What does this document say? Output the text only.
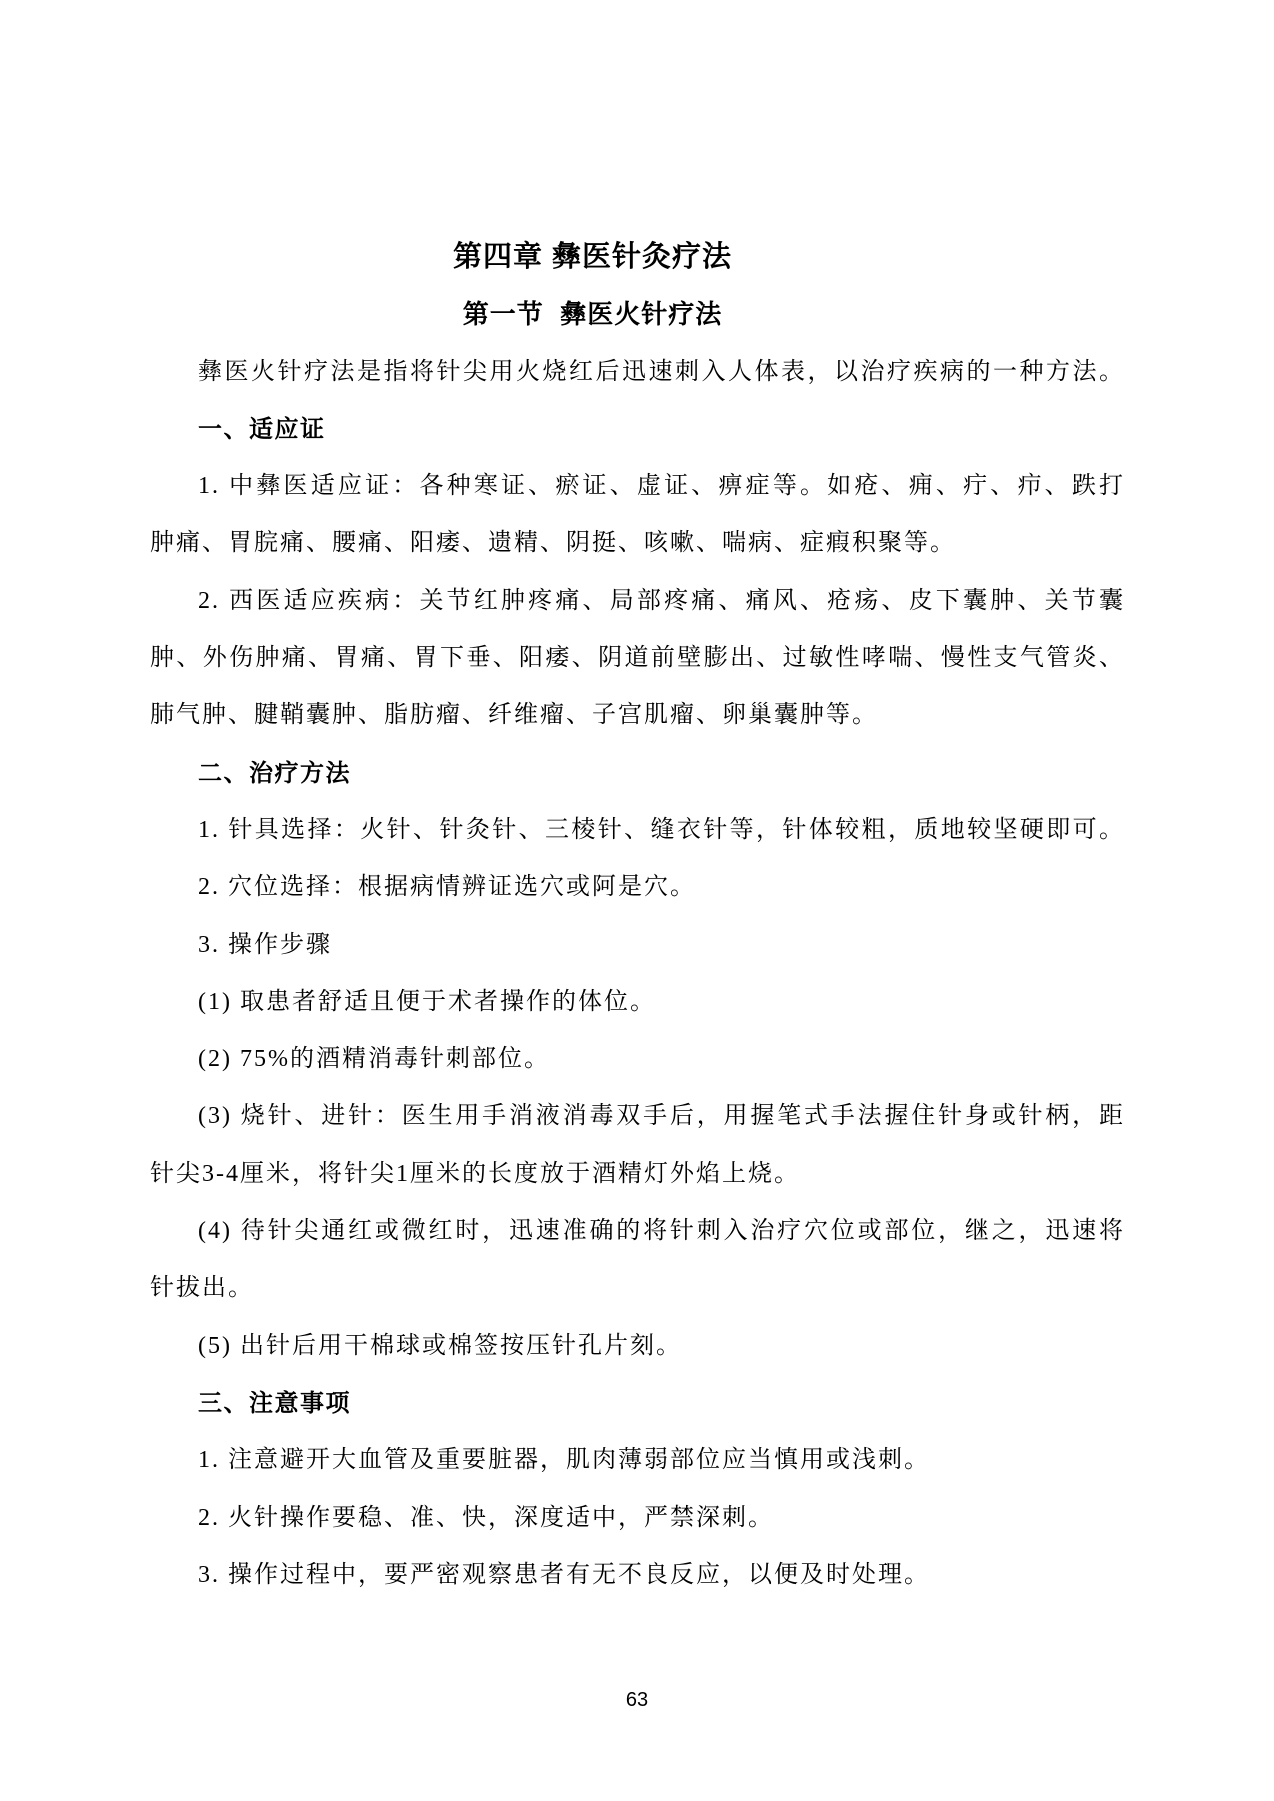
第四章 彝医针灸疗法
第一节  彝医火针疗法
彝医火针疗法是指将针尖用火烧红后迅速刺入人体表，以治疗疾病的一种方法。
一、适应证
1. 中彝医适应证：各种寒证、瘀证、虚证、痹症等。如疮、痈、疔、疖、跌打
肿痛、胃脘痛、腰痛、阳痿、遗精、阴挺、咳嗽、喘病、症瘕积聚等。
2. 西医适应疾病：关节红肿疼痛、局部疼痛、痛风、疮疡、皮下囊肿、关节囊
肿、外伤肿痛、胃痛、胃下垂、阳痿、阴道前壁膨出、过敏性哮喘、慢性支气管炎、
肺气肿、腱鞘囊肿、脂肪瘤、纤维瘤、子宫肌瘤、卵巢囊肿等。
二、治疗方法
1. 针具选择：火针、针灸针、三棱针、缝衣针等，针体较粗，质地较坚硬即可。
2. 穴位选择：根据病情辨证选穴或阿是穴。
3. 操作步骤
(1) 取患者舒适且便于术者操作的体位。
(2) 75%的酒精消毒针刺部位。
(3) 烧针、进针：医生用手消液消毒双手后，用握笔式手法握住针身或针柄，距
针尖3-4厘米，将针尖1厘米的长度放于酒精灯外焰上烧。
(4) 待针尖通红或微红时，迅速准确的将针刺入治疗穴位或部位，继之，迅速将
针拔出。
(5) 出针后用干棉球或棉签按压针孔片刻。
三、注意事项
1. 注意避开大血管及重要脏器，肌肉薄弱部位应当慎用或浅刺。
2. 火针操作要稳、准、快，深度适中，严禁深刺。
3. 操作过程中，要严密观察患者有无不良反应，以便及时处理。
63
